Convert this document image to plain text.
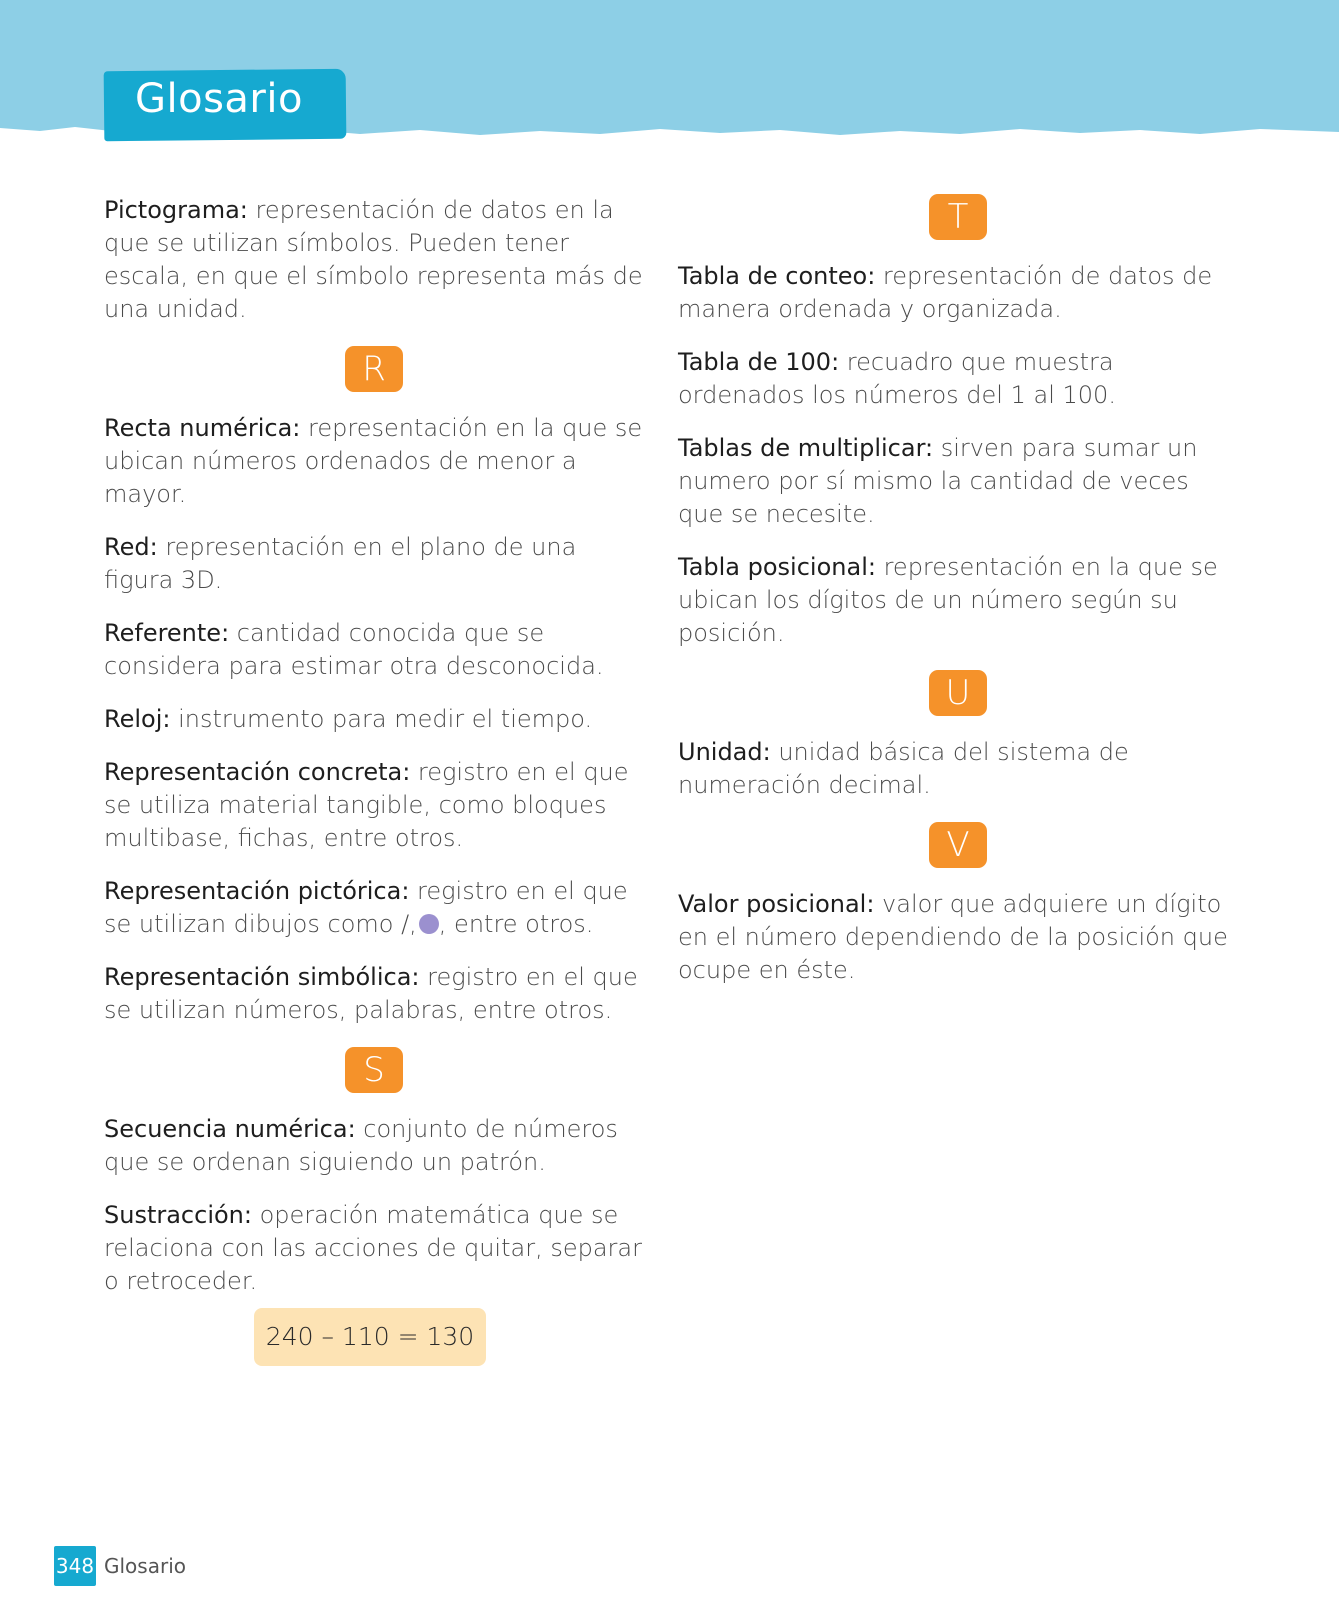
Glosario

Pictograma: representación de datos en la que se utilizan símbolos. Pueden tener escala, en que el símbolo representa más de una unidad.

R

Recta numérica: representación en la que se ubican números ordenados de menor a mayor.

Red: representación en el plano de una figura 3D.

Referente: cantidad conocida que se considera para estimar otra desconocida.

Reloj: instrumento para medir el tiempo.

Representación concreta: registro en el que se utiliza material tangible, como bloques multibase, fichas, entre otros.

Representación pictórica: registro en el que se utilizan dibujos como /, , entre otros.

Representación simbólica: registro en el que se utilizan números, palabras, entre otros.

S

Secuencia numérica: conjunto de números que se ordenan siguiendo un patrón.

Sustracción: operación matemática que se relaciona con las acciones de quitar, separar o retroceder.

240 – 110 = 130
T

Tabla de conteo: representación de datos de manera ordenada y organizada.

Tabla de 100: recuadro que muestra ordenados los números del 1 al 100.

Tablas de multiplicar: sirven para sumar un numero por sí mismo la cantidad de veces que se necesite.

Tabla posicional: representación en la que se ubican los dígitos de un número según su posición.

U

Unidad: unidad básica del sistema de numeración decimal.

V

Valor posicional: valor que adquiere un dígito en el número dependiendo de la posición que ocupe en éste.

348 Glosario
